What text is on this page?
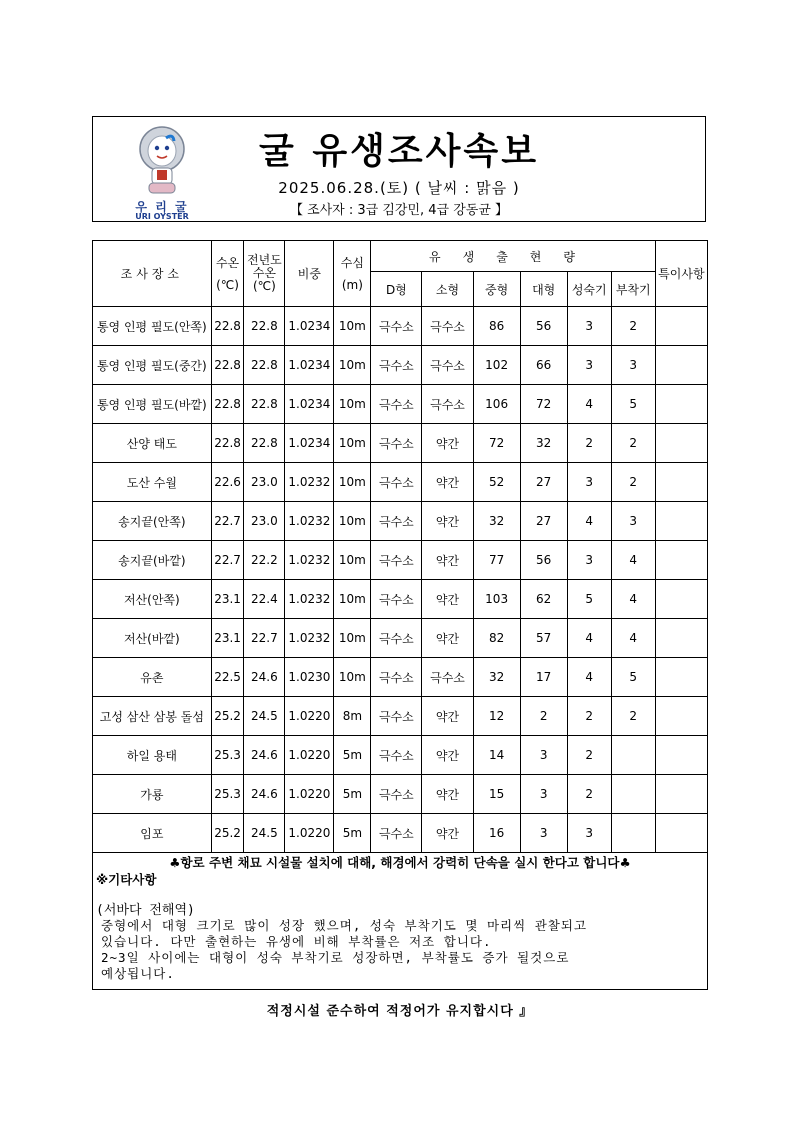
우 리 굴
URI OYSTER
굴 유생조사속보
2025.06.28.(토) ( 날씨 : 맑음 )
【 조사자 : 3급 김강민, 4급 강동균 】
조사장소	수온(℃)	전년도수온(℃)	비중	수심(m)	유생출현량						특이사항
					D형	소형	중형	대형	성숙기	부착기	
통영 인평 필도(안쪽)	22.8	22.8	1.0234	10m	극수소	극수소	86	56	3	2	
통영 인평 필도(중간)	22.8	22.8	1.0234	10m	극수소	극수소	102	66	3	3	
통영 인평 필도(바깥)	22.8	22.8	1.0234	10m	극수소	극수소	106	72	4	5	
산양 태도	22.8	22.8	1.0234	10m	극수소	약간	72	32	2	2	
도산 수월	22.6	23.0	1.0232	10m	극수소	약간	52	27	3	2	
송지끝(안쪽)	22.7	23.0	1.0232	10m	극수소	약간	32	27	4	3	
송지끝(바깥)	22.7	22.2	1.0232	10m	극수소	약간	77	56	3	4	
저산(안쪽)	23.1	22.4	1.0232	10m	극수소	약간	103	62	5	4	
저산(바깥)	23.1	22.7	1.0232	10m	극수소	약간	82	57	4	4	
유촌	22.5	24.6	1.0230	10m	극수소	극수소	32	17	4	5	
고성 삼산 삼봉 돌섬	25.2	24.5	1.0220	8m	극수소	약간	12	2	2	2	
하일 용태	25.3	24.6	1.0220	5m	극수소	약간	14	3	2		
가룡	25.3	24.6	1.0220	5m	극수소	약간	15	3	2		
임포	25.2	24.5	1.0220	5m	극수소	약간	16	3	3		
♣항로 주변 채묘 시설물 설치에 대해, 해경에서 강력히 단속을 실시 한다고 합니다♣
※기타사항
(서바다 전해역)
중형에서 대형 크기로 많이 성장 했으며, 성숙 부착기도 몇 마리씩 관찰되고
있습니다. 다만 출현하는 유생에 비해 부착률은 저조 합니다.
2~3일 사이에는 대형이 성숙 부착기로 성장하면, 부착률도 증가 될것으로
예상됩니다.
적정시설 준수하여 적정어가 유지합시다 』
